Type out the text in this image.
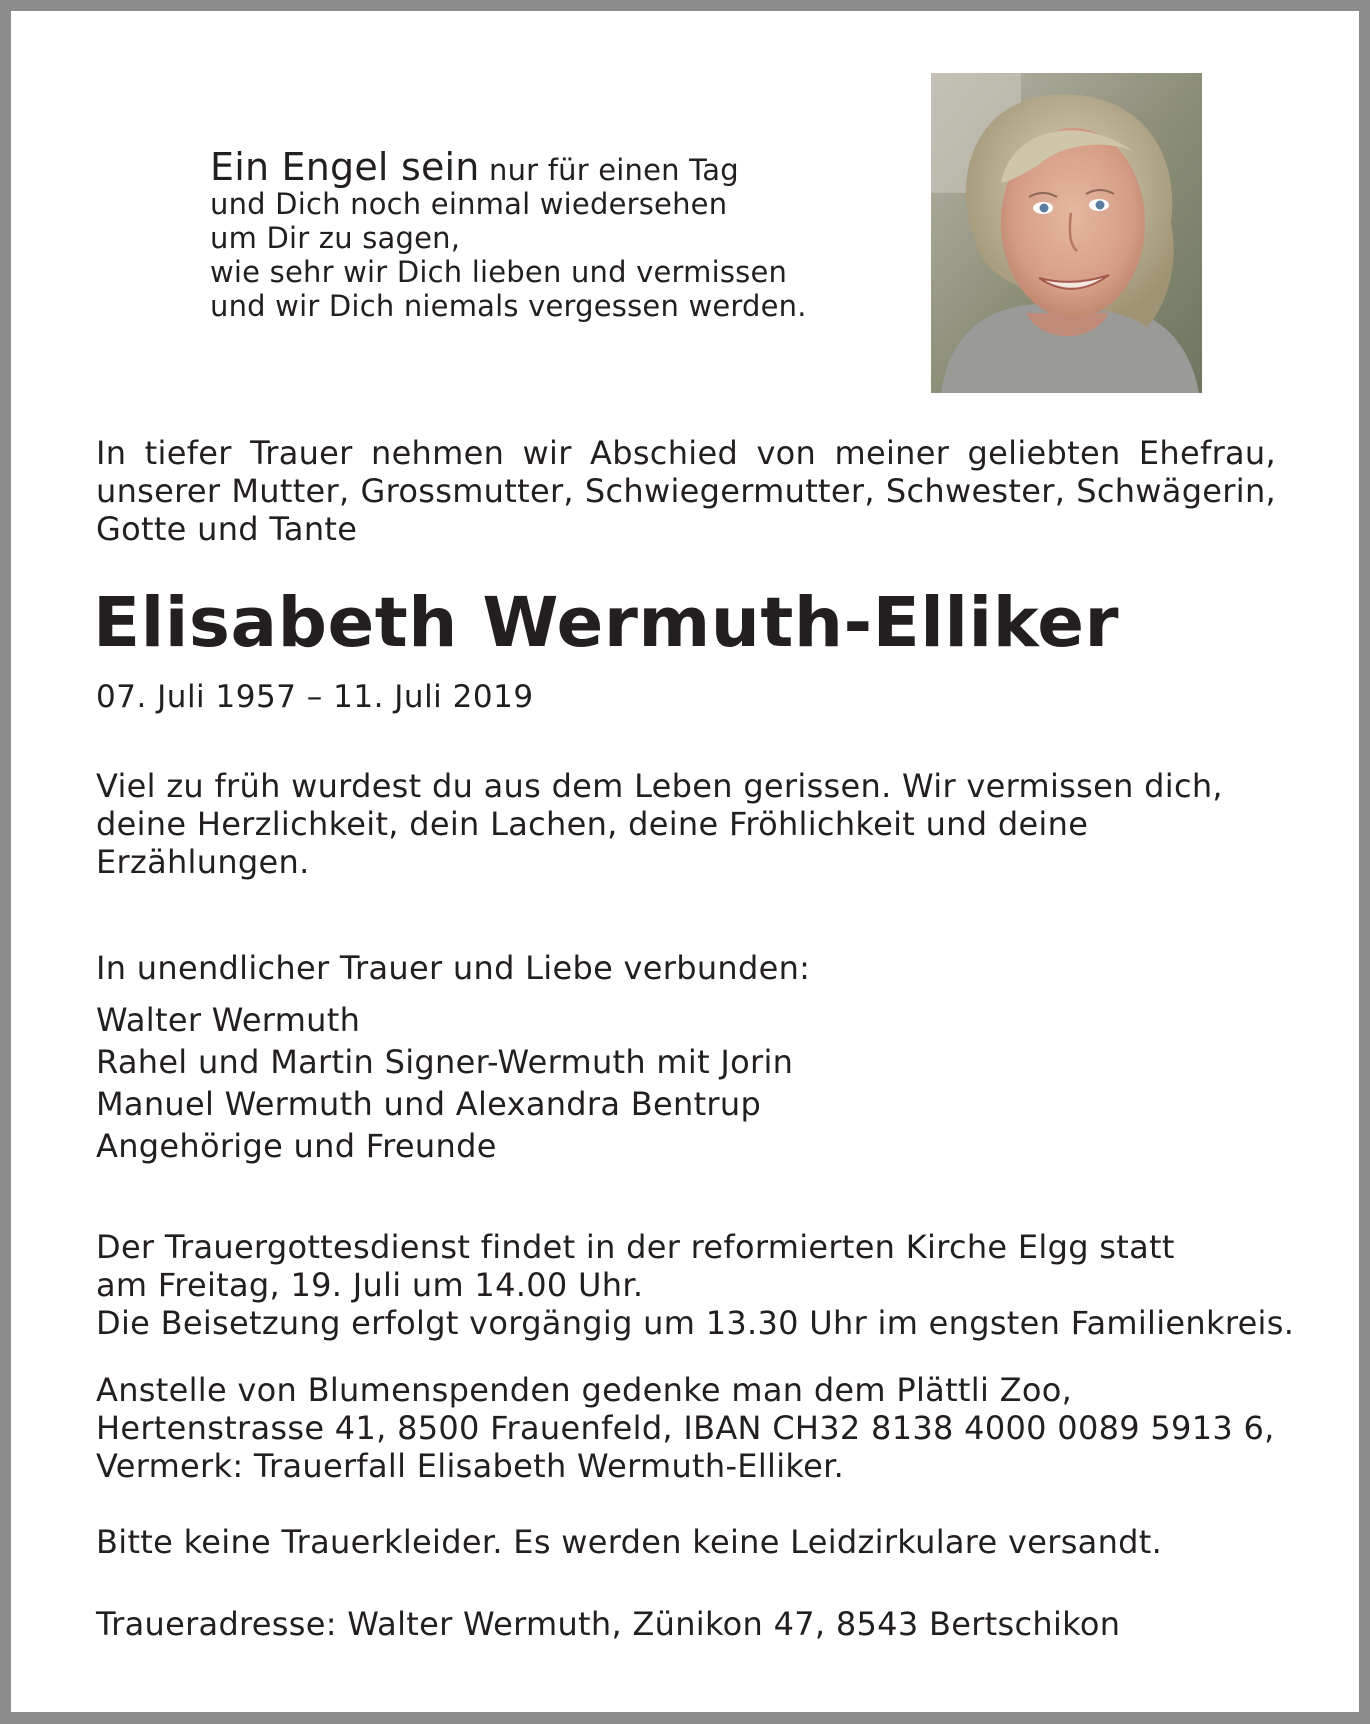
Ein Engel sein nur für einen Tag
und Dich noch einmal wiedersehen
um Dir zu sagen,
wie sehr wir Dich lieben und vermissen
und wir Dich niemals vergessen werden.
In tiefer Trauer nehmen wir Abschied von meiner geliebten Ehefrau,
unserer Mutter, Grossmutter, Schwiegermutter, Schwester, Schwägerin,
Gotte und Tante
Elisabeth Wermuth-Elliker
07. Juli 1957 – 11. Juli 2019
Viel zu früh wurdest du aus dem Leben gerissen. Wir vermissen dich,
deine Herzlichkeit, dein Lachen, deine Fröhlichkeit und deine
Erzählungen.
In unendlicher Trauer und Liebe verbunden:
Walter Wermuth
Rahel und Martin Signer-Wermuth mit Jorin
Manuel Wermuth und Alexandra Bentrup
Angehörige und Freunde
Der Trauergottesdienst findet in der reformierten Kirche Elgg statt
am Freitag, 19. Juli um 14.00 Uhr.
Die Beisetzung erfolgt vorgängig um 13.30 Uhr im engsten Familienkreis.
Anstelle von Blumenspenden gedenke man dem Plättli Zoo,
Hertenstrasse 41, 8500 Frauenfeld, IBAN CH32 8138 4000 0089 5913 6,
Vermerk: Trauerfall Elisabeth Wermuth-Elliker.
Bitte keine Trauerkleider. Es werden keine Leidzirkulare versandt.
Traueradresse: Walter Wermuth, Zünikon 47, 8543 Bertschikon
